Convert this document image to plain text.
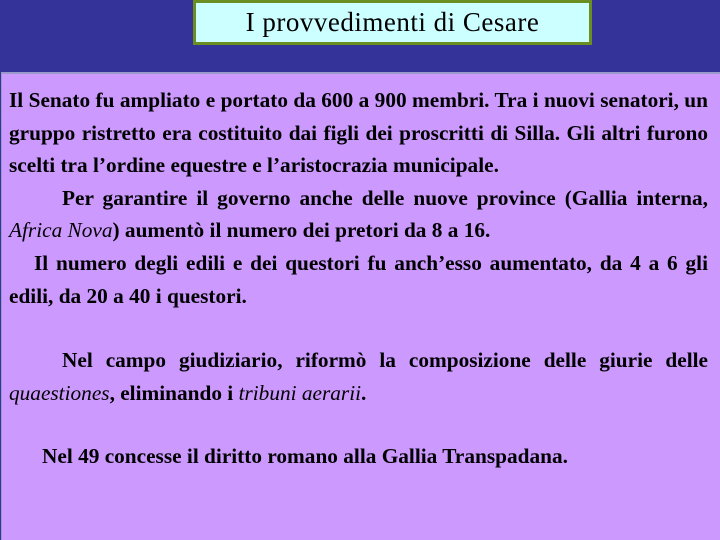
I provvedimenti di Cesare

Il Senato fu ampliato e portato da 600 a 900 membri. Tra i nuovi senatori, un gruppo ristretto era costituito dai figli dei proscritti di Silla. Gli altri furono scelti tra l’ordine equestre e l’aristocrazia municipale.

Per garantire il governo anche delle nuove province (Gallia interna, Africa Nova) aumentò il numero dei pretori da 8 a 16.

Il numero degli edili e dei questori fu anch’esso aumentato, da 4 a 6 gli edili, da 20 a 40 i questori.

Nel campo giudiziario, riformò la composizione delle giurie delle quaestiones, eliminando i tribuni aerarii.

Nel 49 concesse il diritto romano alla Gallia Transpadana.
